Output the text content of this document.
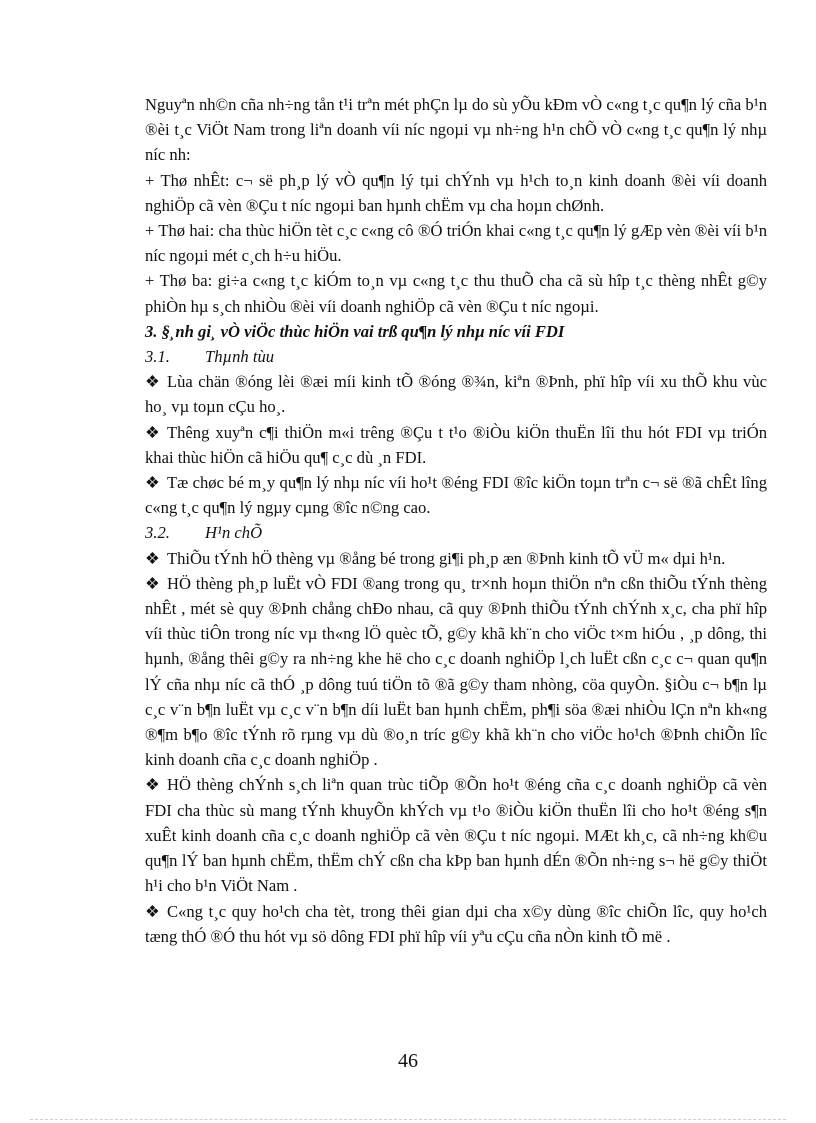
Nguyªn nh©n cña nh÷ng tån t¹i trªn mét phÇn lµ do sù yÕu kÐm vÒ c«ng t¸c qu¶n lý cña b¹n ®èi t¸c ViÖt Nam trong liªn doanh víi níc ngoµi vµ nh÷ng h¹n chÕ vÒ c«ng t¸c qu¶n lý nhµ níc nh:

+ Thø nhÊt: c¬ së ph¸p lý vÒ qu¶n lý tµi chÝnh vµ h¹ch to¸n kinh doanh ®èi víi doanh nghiÖp cã vèn ®Çu t níc ngoµi ban hµnh chËm vµ cha hoµn chØnh.

+ Thø hai: cha thùc hiÖn tèt c¸c c«ng cô ®Ó triÓn khai c«ng t¸c qu¶n lý gÆp vèn ®èi víi b¹n níc ngoµi mét c¸ch h÷u hiÖu.

+ Thø ba: gi÷a c«ng t¸c kiÓm to¸n vµ c«ng t¸c thu thuÕ cha cã sù hîp t¸c thèng nhÊt g©y phiÒn hµ s¸ch nhiÒu ®èi víi doanh nghiÖp cã vèn ®Çu t níc ngoµi.

3. §¸nh gi¸ vÒ viÖc thùc hiÖn vai trß qu¶n lý nhµ níc víi FDI

3.1. Thµnh tùu

❖ Lùa chän ®óng lèi ®æi míi kinh tÕ ®óng ®¾n, kiªn ®Þnh, phï hîp víi xu thÕ khu vùc ho¸ vµ toµn cÇu ho¸.

❖ Thêng xuyªn c¶i thiÖn m«i trêng ®Çu t t¹o ®iÒu kiÖn thuËn lîi thu hót FDI vµ triÓn khai thùc hiÖn cã hiÖu qu¶ c¸c dù ¸n FDI.

❖ Tæ chøc bé m¸y qu¶n lý nhµ níc víi ho¹t ®éng FDI ®îc kiÖn toµn trªn c¬ së ®ã chÊt lîng c«ng t¸c qu¶n lý ngµy cµng ®îc n©ng cao.

3.2. H¹n chÕ

❖ ThiÕu tÝnh hÖ thèng vµ ®ång bé trong gi¶i ph¸p æn ®Þnh kinh tÕ vÜ m« dµi h¹n.

❖ HÖ thèng ph¸p luËt vÒ FDI ®ang trong qu¸ tr×nh hoµn thiÖn nªn cßn thiÕu tÝnh thèng nhÊt , mét sè quy ®Þnh chång chÐo nhau, cã quy ®Þnh thiÕu tÝnh chÝnh x¸c, cha phï hîp víi thùc tiÔn trong níc vµ th«ng lÖ quèc tÕ, g©y khã kh¨n cho viÖc t×m hiÓu , ¸p dông, thi hµnh, ®ång thêi g©y ra nh÷ng khe hë cho c¸c doanh nghiÖp l¸ch luËt cßn c¸c c¬ quan qu¶n lÝ cña nhµ níc cã thÓ ¸p dông tuú tiÖn tõ ®ã g©y tham nhòng, cöa quyÒn. §iÒu c¬ b¶n lµ c¸c v¨n b¶n luËt vµ c¸c v¨n b¶n díi luËt ban hµnh chËm, ph¶i söa ®æi nhiÒu lÇn nªn kh«ng ®¶m b¶o ®îc tÝnh rõ rµng vµ dù ®o¸n tríc g©y khã kh¨n cho viÖc ho¹ch ®Þnh chiÕn lîc kinh doanh cña c¸c doanh nghiÖp .

❖ HÖ thèng chÝnh s¸ch liªn quan trùc tiÕp ®Õn ho¹t ®éng cña c¸c doanh nghiÖp cã vèn FDI cha thùc sù mang tÝnh khuyÕn khÝch vµ t¹o ®iÒu kiÖn thuËn lîi cho ho¹t ®éng s¶n xuÊt kinh doanh cña c¸c doanh nghiÖp cã vèn ®Çu t níc ngoµi. MÆt kh¸c, cã nh÷ng kh©u qu¶n lÝ ban hµnh chËm, thËm chÝ cßn cha kÞp ban hµnh dÉn ®Õn nh÷ng s¬ hë g©y thiÖt h¹i cho b¹n ViÖt Nam .

❖ C«ng t¸c quy ho¹ch cha tèt, trong thêi gian dµi cha x©y dùng ®îc chiÕn lîc, quy ho¹ch tæng thÓ ®Ó thu hót vµ sö dông FDI phï hîp víi yªu cÇu cña nÒn kinh tÕ më .

46
